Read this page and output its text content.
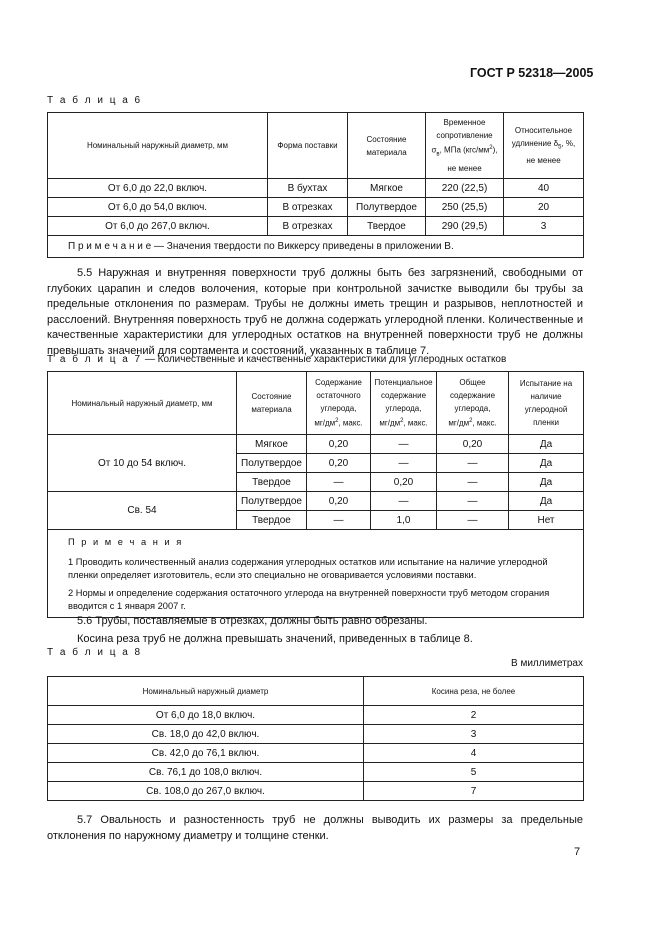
ГОСТ Р 52318—2005
Т а б л и ц а 6
Номинальный наружный диаметр, мм	Форма поставки	Состояние материала	Временное сопротивление
$\sigma_в$, МПа $(кгс/мм^2)$,
не менее	Относительное удлинение $\delta_5$, %,
не менее
От 6,0 до 22,0 включ.	В бухтах	Мягкое	220 (22,5)	40
От 6,0 до 54,0 включ.	В отрезках	Полутвердое	250 (25,5)	20
От 6,0 до 267,0 включ.	В отрезках	Твердое	290 (29,5)	3
П р и м е ч а н и е — Значения твердости по Виккерсу приведены в приложении В.				

5.5 Наружная и внутренняя поверхности труб должны быть без загрязнений, свободными от глубоких царапин и следов волочения, которые при контрольной зачистке выводили бы трубы за предельные отклонения по размерам. Трубы не должны иметь трещин и разрывов, неплотностей и расслоений. Внутренняя поверхность труб не должна содержать углеродной пленки. Количественные и качественные характеристики для углеродных остатков на внутренней поверхности труб не должны превышать значений для сортамента и состояний, указанных в таблице 7.

Т а б л и ц а 7 — Количественные и качественные характеристики для углеродных остатков
Номинальный наружный диаметр, мм	Состояние материала	Содержание остаточного углерода,
$мг/дм^2$, макс.	Потенциальное содержание углерода,
$мг/дм^2$, макс.	Общее содержание углерода,
$мг/дм^2$, макс.	Испытание на наличие углеродной пленки
От 10 до 54 включ.	Мягкое	0,20	—	0,20	Да
	Полутвердое	0,20	—	—	Да
	Твердое	—	0,20	—	Да
Св. 54	Полутвердое	0,20	—	—	Да
	Твердое	—	1,0	—	Нет

П р и м е ч а н и я
1 Проводить количественный анализ содержания углеродных остатков или испытание на наличие углеродной пленки определяет изготовитель, если это специально не оговаривается условиями поставки.
2 Нормы и определение содержания остаточного углерода на внутренней поверхности труб методом сгорания вводится с 1 января 2007 г.					

5.6 Трубы, поставляемые в отрезках, должны быть равно обрезаны.

Косина реза труб не должна превышать значений, приведенных в таблице 8.

Т а б л и ц а 8
В миллиметрах
Номинальный наружный диаметр	Косина реза, не более
От 6,0 до 18,0 включ.	2
Св. 18,0 до 42,0 включ.	3
Св. 42,0 до 76,1 включ.	4
Св. 76,1 до 108,0 включ.	5
Св. 108,0 до 267,0 включ.	7

5.7 Овальность и разностенность труб не должны выводить их размеры за предельные отклонения по наружному диаметру и толщине стенки.

7
